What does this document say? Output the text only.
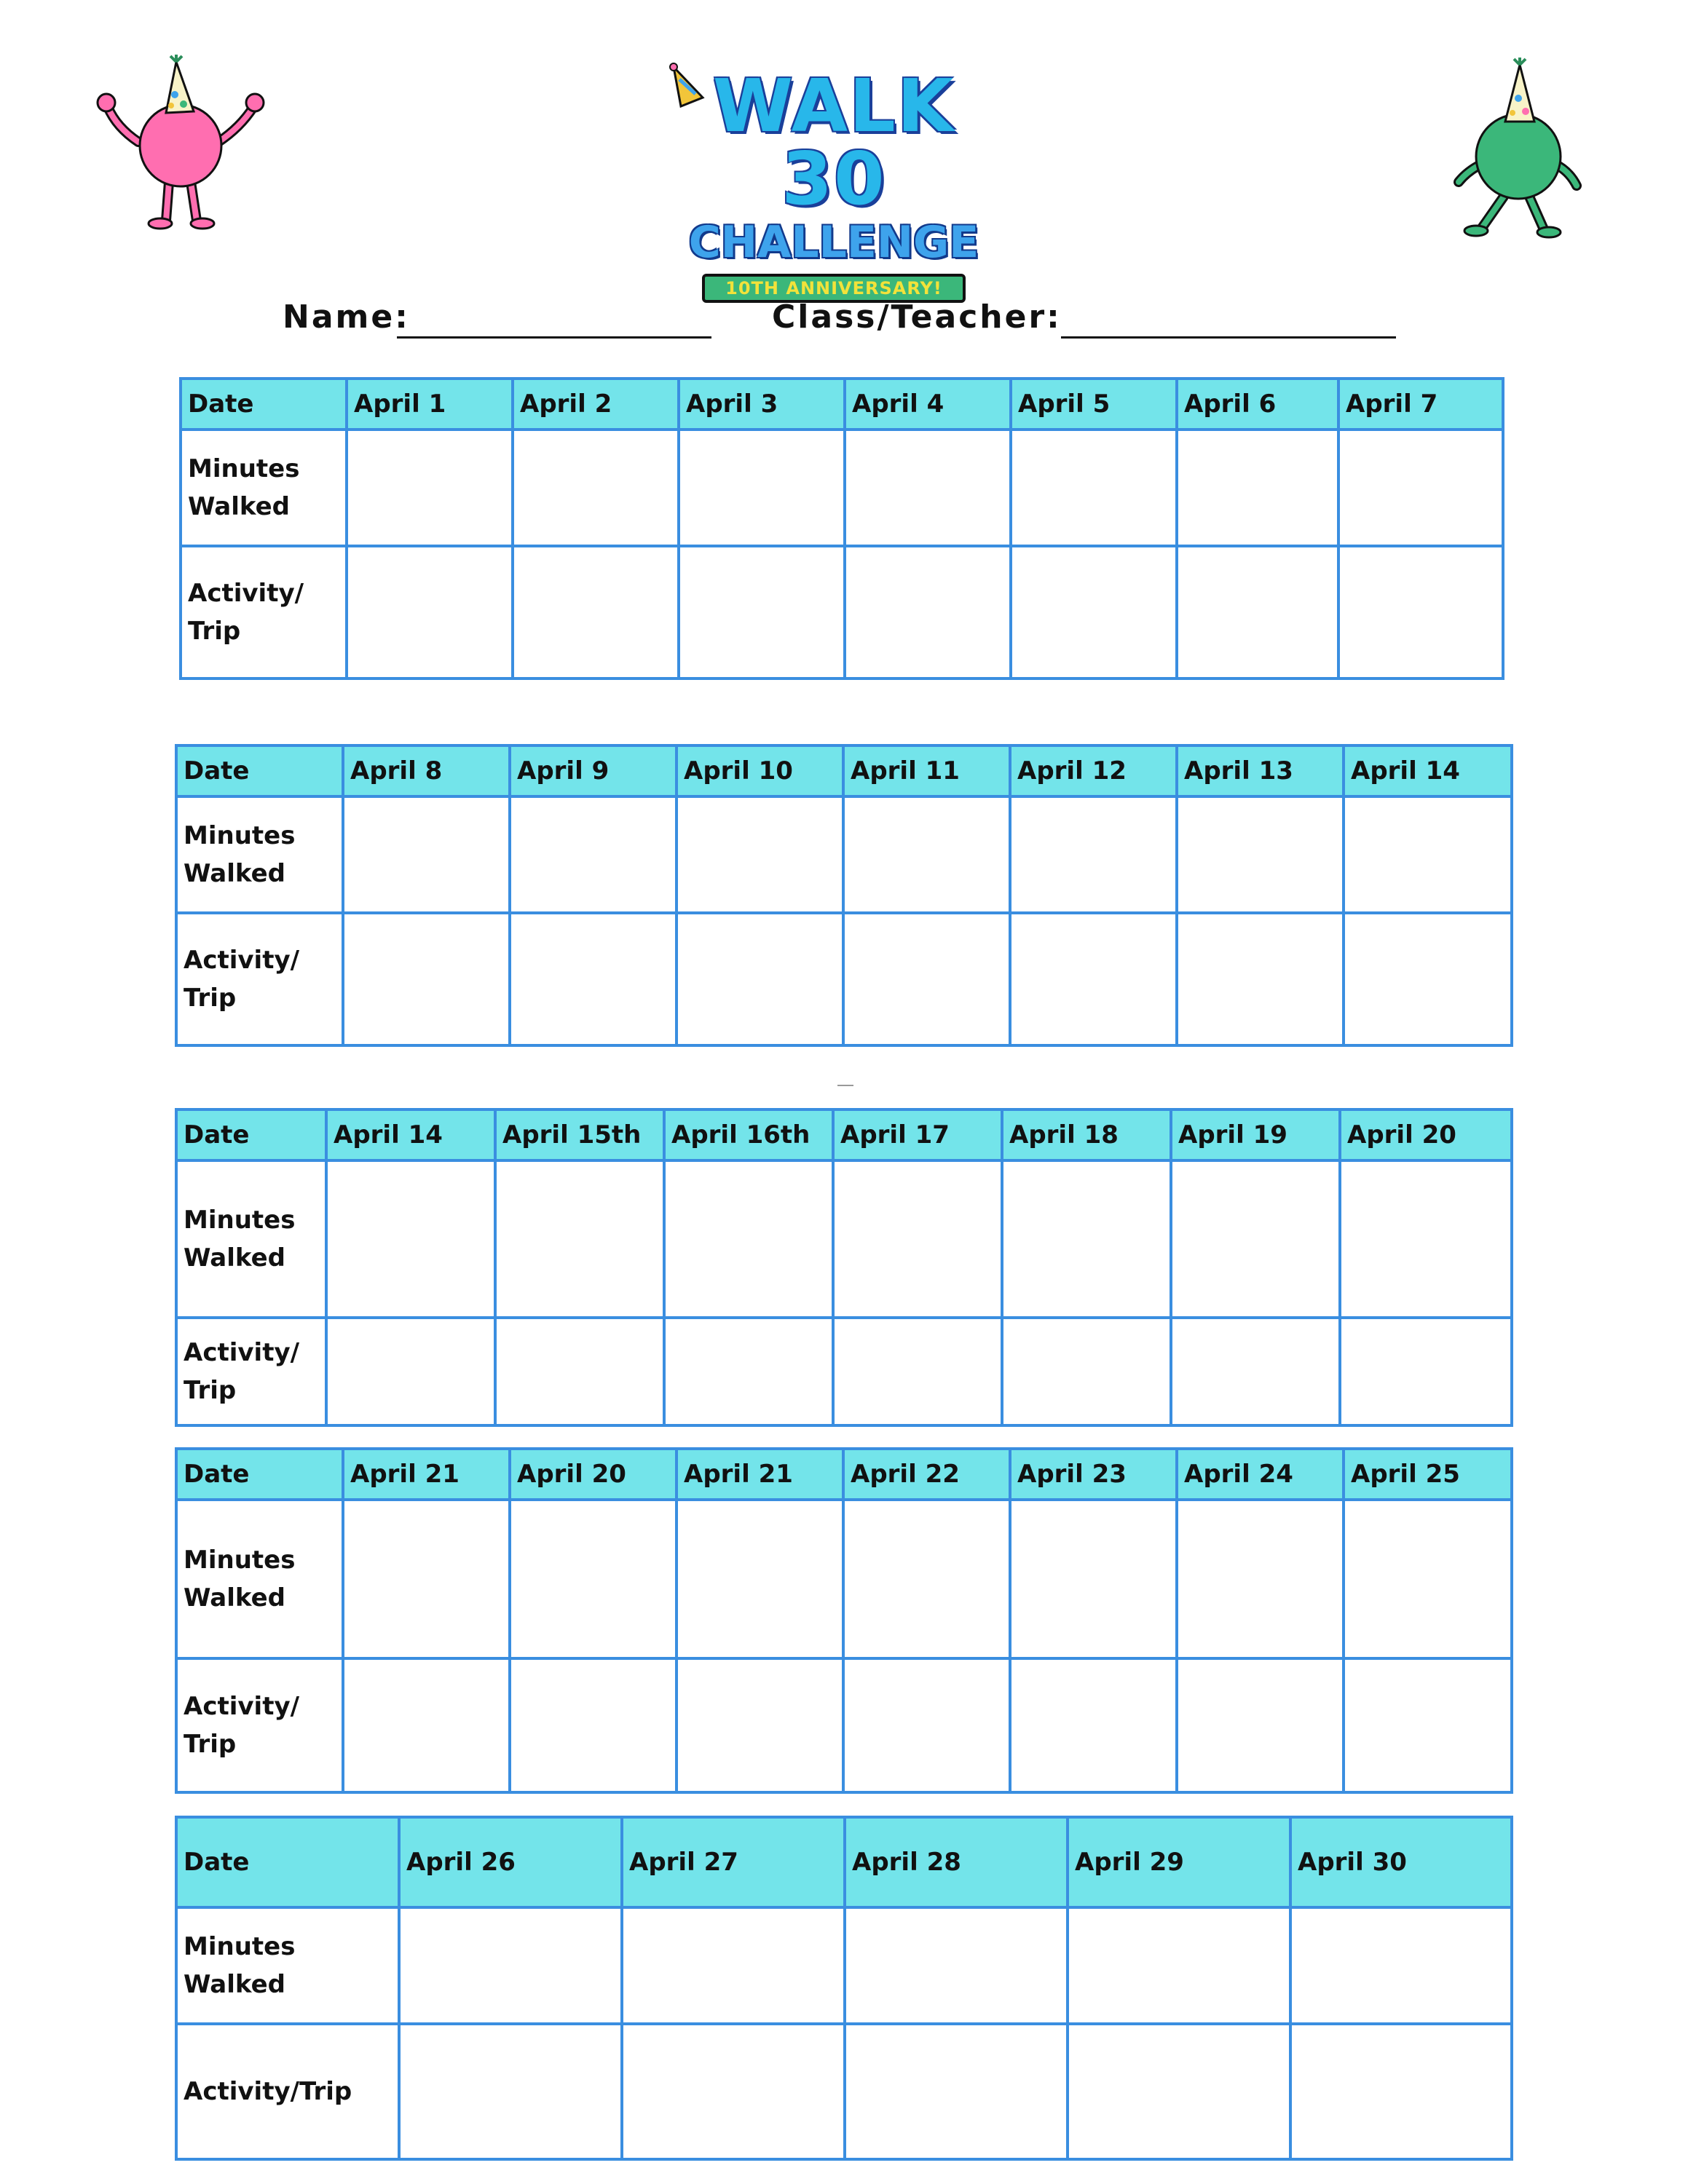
WALK 30
CHALLENGE
10TH ANNIVERSARY!
Name:	Class/Teacher:
Date	April 1	April 2	April 3	April 4	April 5	April 6	April 7
Minutes Walked							
Activity/ Trip							
Date	April 8	April 9	April 10	April 11	April 12	April 13	April 14
Minutes Walked							
Activity/ Trip							
Date	April 14	April 15th	April 16th	April 17	April 18	April 19	April 20
Minutes Walked							
Activity/ Trip							
Date	April 21	April 20	April 21	April 22	April 23	April 24	April 25
Minutes Walked							
Activity/ Trip							
Date	April 26	April 27	April 28	April 29	April 30
Minutes Walked					
Activity/Trip					
